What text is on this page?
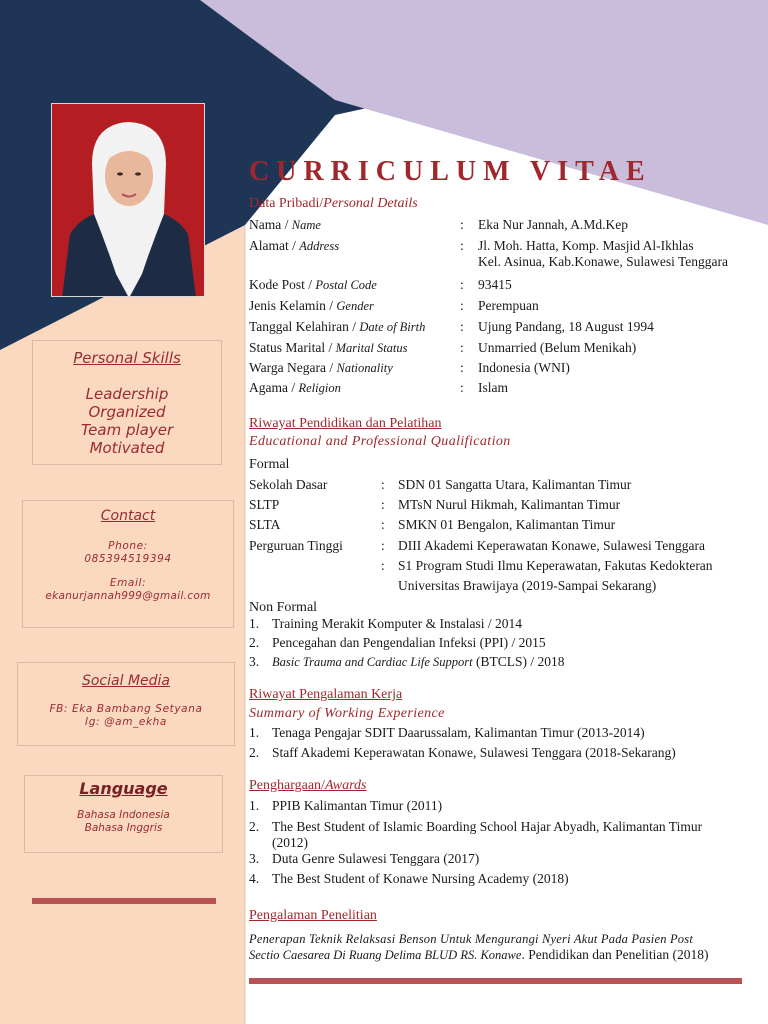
Personal Skills
Leadership
Organized
Team player
Motivated
Contact
Phone:
085394519394
Email:
ekanurjannah999@gmail.com
Social Media
FB: Eka Bambang Setyana
Ig: @am_ekha
Language
Bahasa Indonesia
Bahasa Inggris
CURRICULUM VITAE
Data Pribadi/Personal Details
Nama / Name	: Eka Nur Jannah, A.Md.Kep
Alamat / Address	: Jl. Moh. Hatta, Komp. Masjid Al-Ikhlas
Kel. Asinua, Kab.Konawe, Sulawesi Tenggara
Kode Post / Postal Code	: 93415
Jenis Kelamin / Gender	: Perempuan
Tanggal Kelahiran / Date of Birth	: Ujung Pandang, 18 August 1994
Status Marital / Marital Status	: Unmarried (Belum Menikah)
Warga Negara / Nationality	: Indonesia (WNI)
Agama / Religion	: Islam
Riwayat Pendidikan dan Pelatihan
Educational and Professional Qualification
Formal
Sekolah Dasar	: SDN 01 Sangatta Utara, Kalimantan Timur
SLTP	: MTsN Nurul Hikmah, Kalimantan Timur
SLTA	: SMKN 01 Bengalon, Kalimantan Timur
Perguruan Tinggi	: DIII Akademi Keperawatan Konawe, Sulawesi Tenggara
: S1 Program Studi Ilmu Keperawatan, Fakutas Kedokteran
Universitas Brawijaya (2019-Sampai Sekarang)
Non Formal
1. Training Merakit Komputer & Instalasi / 2014
2. Pencegahan dan Pengendalian Infeksi (PPI) / 2015
3. Basic Trauma and Cardiac Life Support (BTCLS) / 2018
Riwayat Pengalaman Kerja
Summary of Working Experience
1. Tenaga Pengajar SDIT Daarussalam, Kalimantan Timur (2013-2014)
2. Staff Akademi Keperawatan Konawe, Sulawesi Tenggara (2018-Sekarang)
Penghargaan/Awards
1. PPIB Kalimantan Timur (2011)
2. The Best Student of Islamic Boarding School Hajar Abyadh, Kalimantan Timur
(2012)
3. Duta Genre Sulawesi Tenggara (2017)
4. The Best Student of Konawe Nursing Academy (2018)
Pengalaman Penelitian
Penerapan Teknik Relaksasi Benson Untuk Mengurangi Nyeri Akut Pada Pasien Post
Sectio Caesarea Di Ruang Delima BLUD RS. Konawe. Pendidikan dan Penelitian (2018)
